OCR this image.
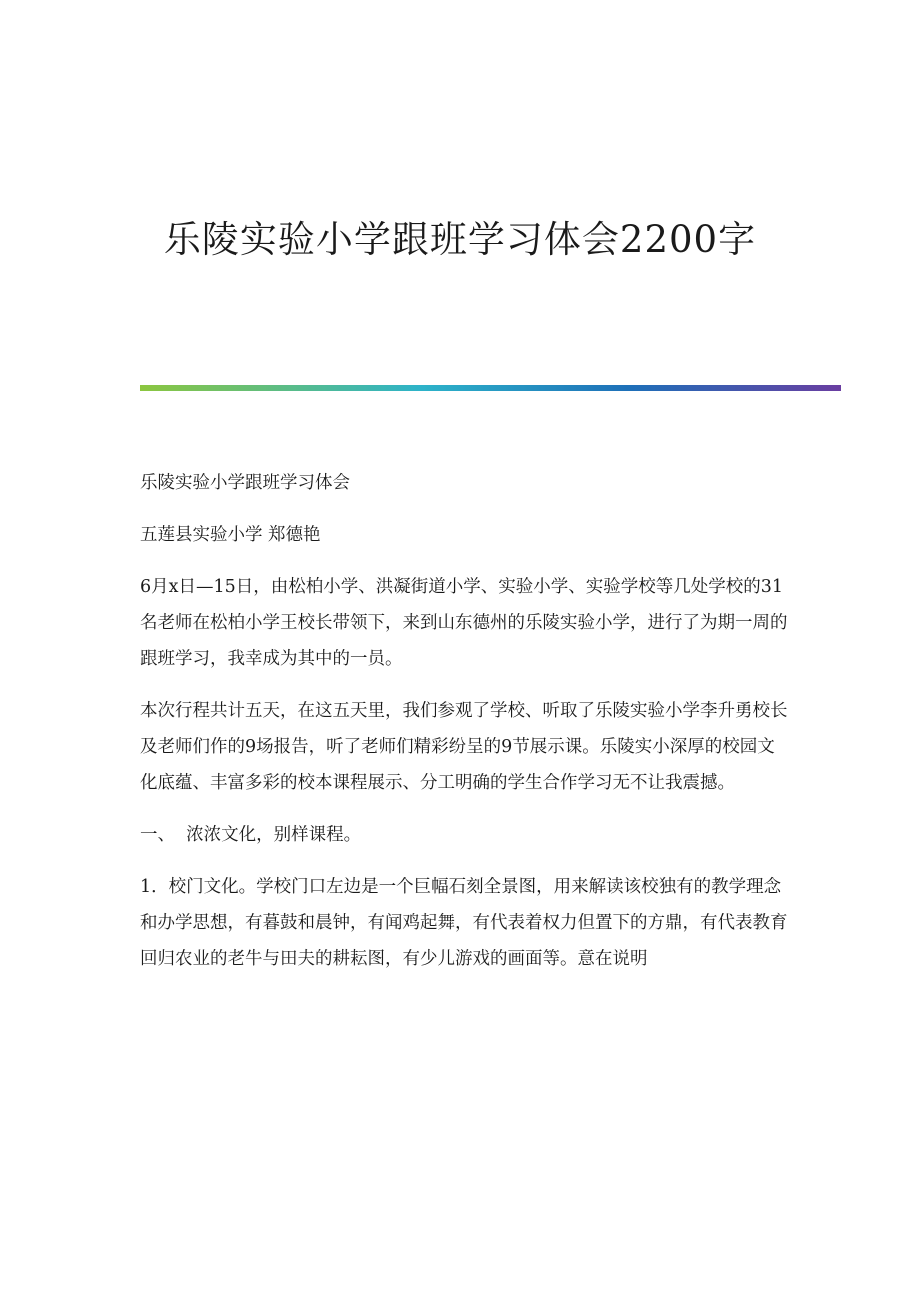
乐陵实验小学跟班学习体会2200字

乐陵实验小学跟班学习体会

五莲县实验小学 郑德艳

6月x日—15日，由松柏小学、洪凝街道小学、实验小学、实验学校等几处学校的31名老师在松柏小学王校长带领下，来到山东德州的乐陵实验小学，进行了为期一周的跟班学习，我幸成为其中的一员。

本次行程共计五天，在这五天里，我们参观了学校、听取了乐陵实验小学李升勇校长及老师们作的9场报告，听了老师们精彩纷呈的9节展示课。乐陵实小深厚的校园文化底蕴、丰富多彩的校本课程展示、分工明确的学生合作学习无不让我震撼。

一、  浓浓文化，别样课程。

1．校门文化。学校门口左边是一个巨幅石刻全景图，用来解读该校独有的教学理念和办学思想，有暮鼓和晨钟，有闻鸡起舞，有代表着权力但置下的方鼎，有代表教育回归农业的老牛与田夫的耕耘图，有少儿游戏的画面等。意在说明
